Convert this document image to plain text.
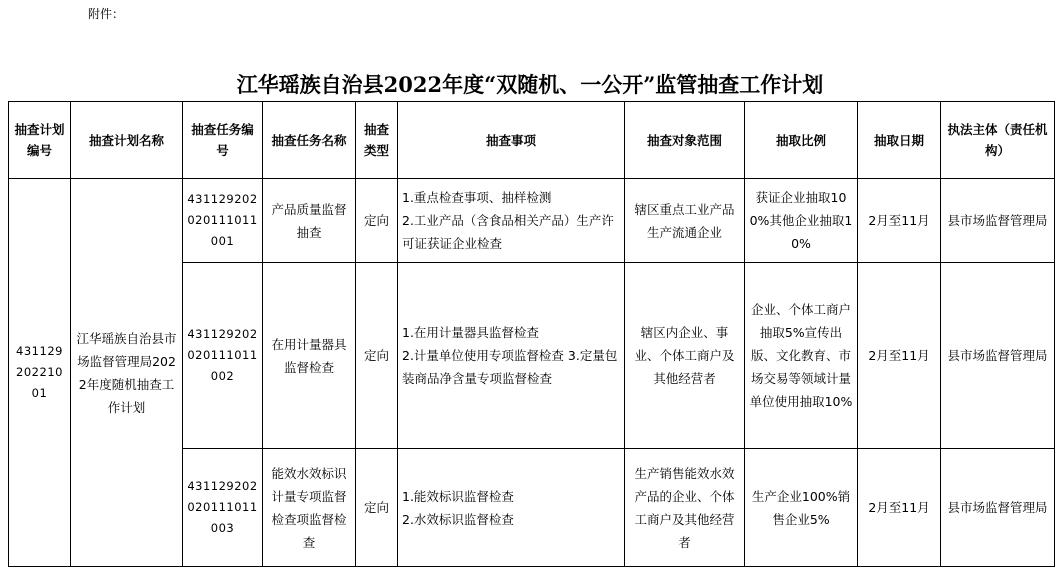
附件：
江华瑶族自治县2022年度“双随机、一公开”监管抽查工作计划
抽查计划编号	抽查计划名称	抽查任务编号	抽查任务名称	抽查类型	抽查事项	抽查对象范围	抽取比例	抽取日期	执法主体（责任机构）
43112920221001	江华瑶族自治县市场监督管理局2022年度随机抽查工作计划	431129202020111011001	产品质量监督抽查	定向	1.重点检查事项、抽样检测
2.工业产品（含食品相关产品）生产许可证获证企业检查	辖区重点工业产品生产流通企业	获证企业抽取100%其他企业抽取10%	2月至11月	县市场监督管理局
		431129202020111011002	在用计量器具监督检查	定向	1.在用计量器具监督检查
2.计量单位使用专项监督检查 3.定量包装商品净含量专项监督检查	辖区内企业、事业、个体工商户及其他经营者	企业、个体工商户抽取5%宣传出版、文化教育、市场交易等领域计量单位使用抽取10%	2月至11月	县市场监督管理局
		431129202020111011003	能效水效标识计量专项监督检查项监督检查	定向	1.能效标识监督检查
2.水效标识监督检查	生产销售能效水效产品的企业、个体工商户及其他经营者	生产企业100%销售企业5%	2月至11月	县市场监督管理局
